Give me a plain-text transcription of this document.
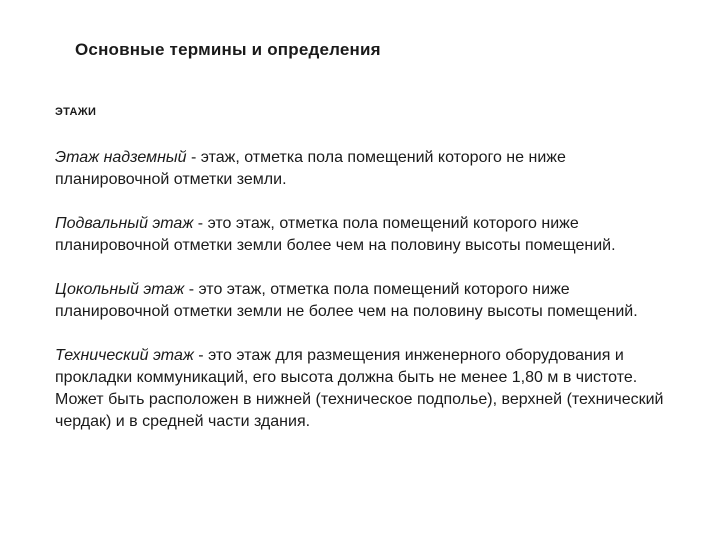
Основные термины и определения
этажи

Этаж надземный - этаж, отметка пола помещений которого не ниже планировочной отметки земли.

Подвальный этаж - это этаж, отметка пола помещений которого ниже планировочной отметки земли более чем на половину высоты помещений.

Цокольный этаж - это этаж, отметка пола помещений которого ниже планировочной отметки земли не более чем на половину высоты помещений.

Технический этаж - это этаж для размещения инженерного оборудования и прокладки коммуникаций, его высота должна быть не менее 1,80 м в чистоте. Может быть расположен в нижней (техническое подполье), верхней (технический чердак) и в средней части здания.
